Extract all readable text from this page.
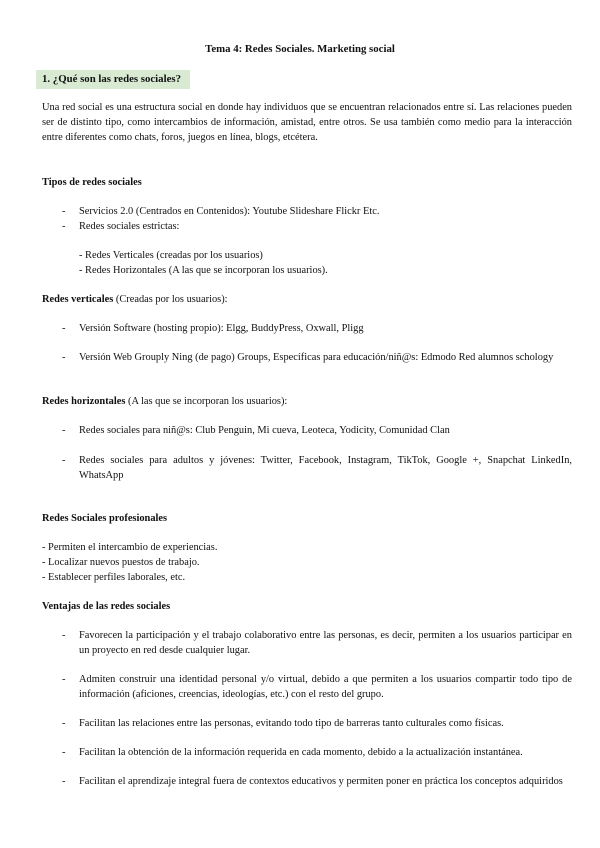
Tema 4: Redes Sociales. Marketing social
1. ¿Qué son las redes sociales?
Una red social es una estructura social en donde hay individuos que se encuentran relacionados entre sí. Las relaciones pueden ser de distinto tipo, como intercambios de información, amistad, entre otros. Se usa también como medio para la interacción entre diferentes como chats, foros, juegos en línea, blogs, etcétera.
Tipos de redes sociales
- Servicios 2.0 (Centrados en Contenidos): Youtube Slideshare Flickr Etc.
- Redes sociales estrictas:
- Redes Verticales (creadas por los usuarios)
- Redes Horizontales (A las que se incorporan los usuarios).
Redes verticales (Creadas por los usuarios):
- Versión Software (hosting propio): Elgg, BuddyPress, Oxwall, Pligg
- Versión Web Grouply Ning (de pago) Groups, Específicas para educación/niñ@s: Edmodo Red alumnos schology
Redes horizontales (A las que se incorporan los usuarios):
- Redes sociales para niñ@s: Club Penguin, Mi cueva, Leoteca, Yodicity, Comunidad Clan
- Redes sociales para adultos y jóvenes: Twitter, Facebook, Instagram, TikTok, Google +, Snapchat LinkedIn, WhatsApp
Redes Sociales profesionales
- Permiten el intercambio de experiencias.
- Localizar nuevos puestos de trabajo.
- Establecer perfiles laborales, etc.
Ventajas de las redes sociales
- Favorecen la participación y el trabajo colaborativo entre las personas, es decir, permiten a los usuarios participar en un proyecto en red desde cualquier lugar.
- Admiten construir una identidad personal y/o virtual, debido a que permiten a los usuarios compartir todo tipo de información (aficiones, creencias, ideologías, etc.) con el resto del grupo.
- Facilitan las relaciones entre las personas, evitando todo tipo de barreras tanto culturales como físicas.
- Facilitan la obtención de la información requerida en cada momento, debido a la actualización instantánea.
- Facilitan el aprendizaje integral fuera de contextos educativos y permiten poner en práctica los conceptos adquiridos
